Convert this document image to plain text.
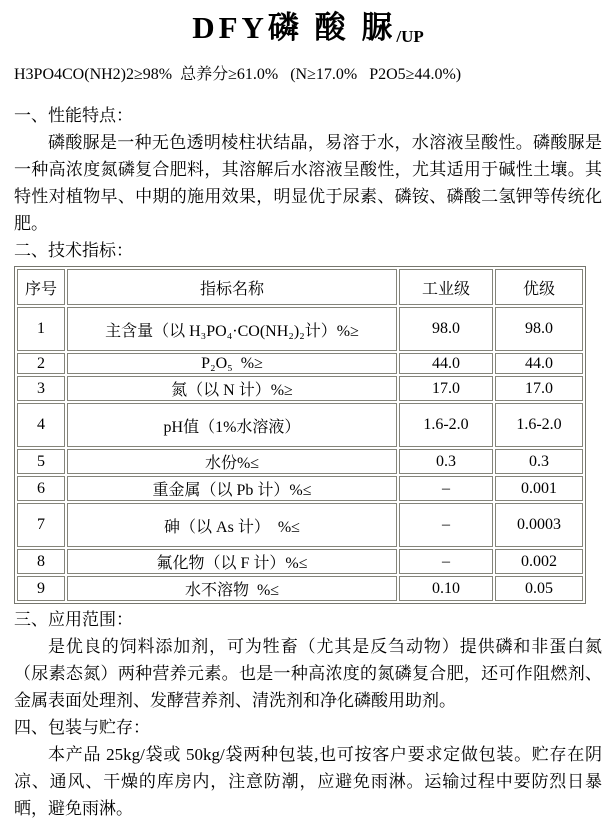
DFY磷 酸 脲/UP
H3PO4CO(NH2)2≥98%  总养分≥61.0%   (N≥17.0%   P2O5≥44.0%)
一、性能特点：

磷酸脲是一种无色透明棱柱状结晶，易溶于水，水溶液呈酸性。磷酸脲是一种高浓度氮磷复合肥料，其溶解后水溶液呈酸性，尤其适用于碱性土壤。其特性对植物早、中期的施用效果，明显优于尿素、磷铵、磷酸二氢钾等传统化肥。

二、技术指标：
序号	指标名称	工业级	优级
1	主含量（以 H₃PO₄·CO(NH₂)₂计）%≥	98.0	98.0
2	P₂O₅  %≥	44.0	44.0
3	氮（以 N 计）%≥	17.0	17.0
4	pH值（1%水溶液）	1.6-2.0	1.6-2.0
5	水份%≤	0.3	0.3
6	重金属（以 Pb 计）%≤	–	0.001
7	砷（以 As 计）  %≤	–	0.0003
8	氟化物（以 F 计）%≤	–	0.002
9	水不溶物  %≤	0.10	0.05
三、应用范围：

是优良的饲料添加剂，可为牲畜（尤其是反刍动物）提供磷和非蛋白氮（尿素态氮）两种营养元素。也是一种高浓度的氮磷复合肥，还可作阻燃剂、金属表面处理剂、发酵营养剂、清洗剂和净化磷酸用助剂。

四、包装与贮存：

本产品 25kg/袋或 50kg/袋两种包装,也可按客户要求定做包装。贮存在阴凉、通风、干燥的库房内，注意防潮，应避免雨淋。运输过程中要防烈日暴晒，避免雨淋。
